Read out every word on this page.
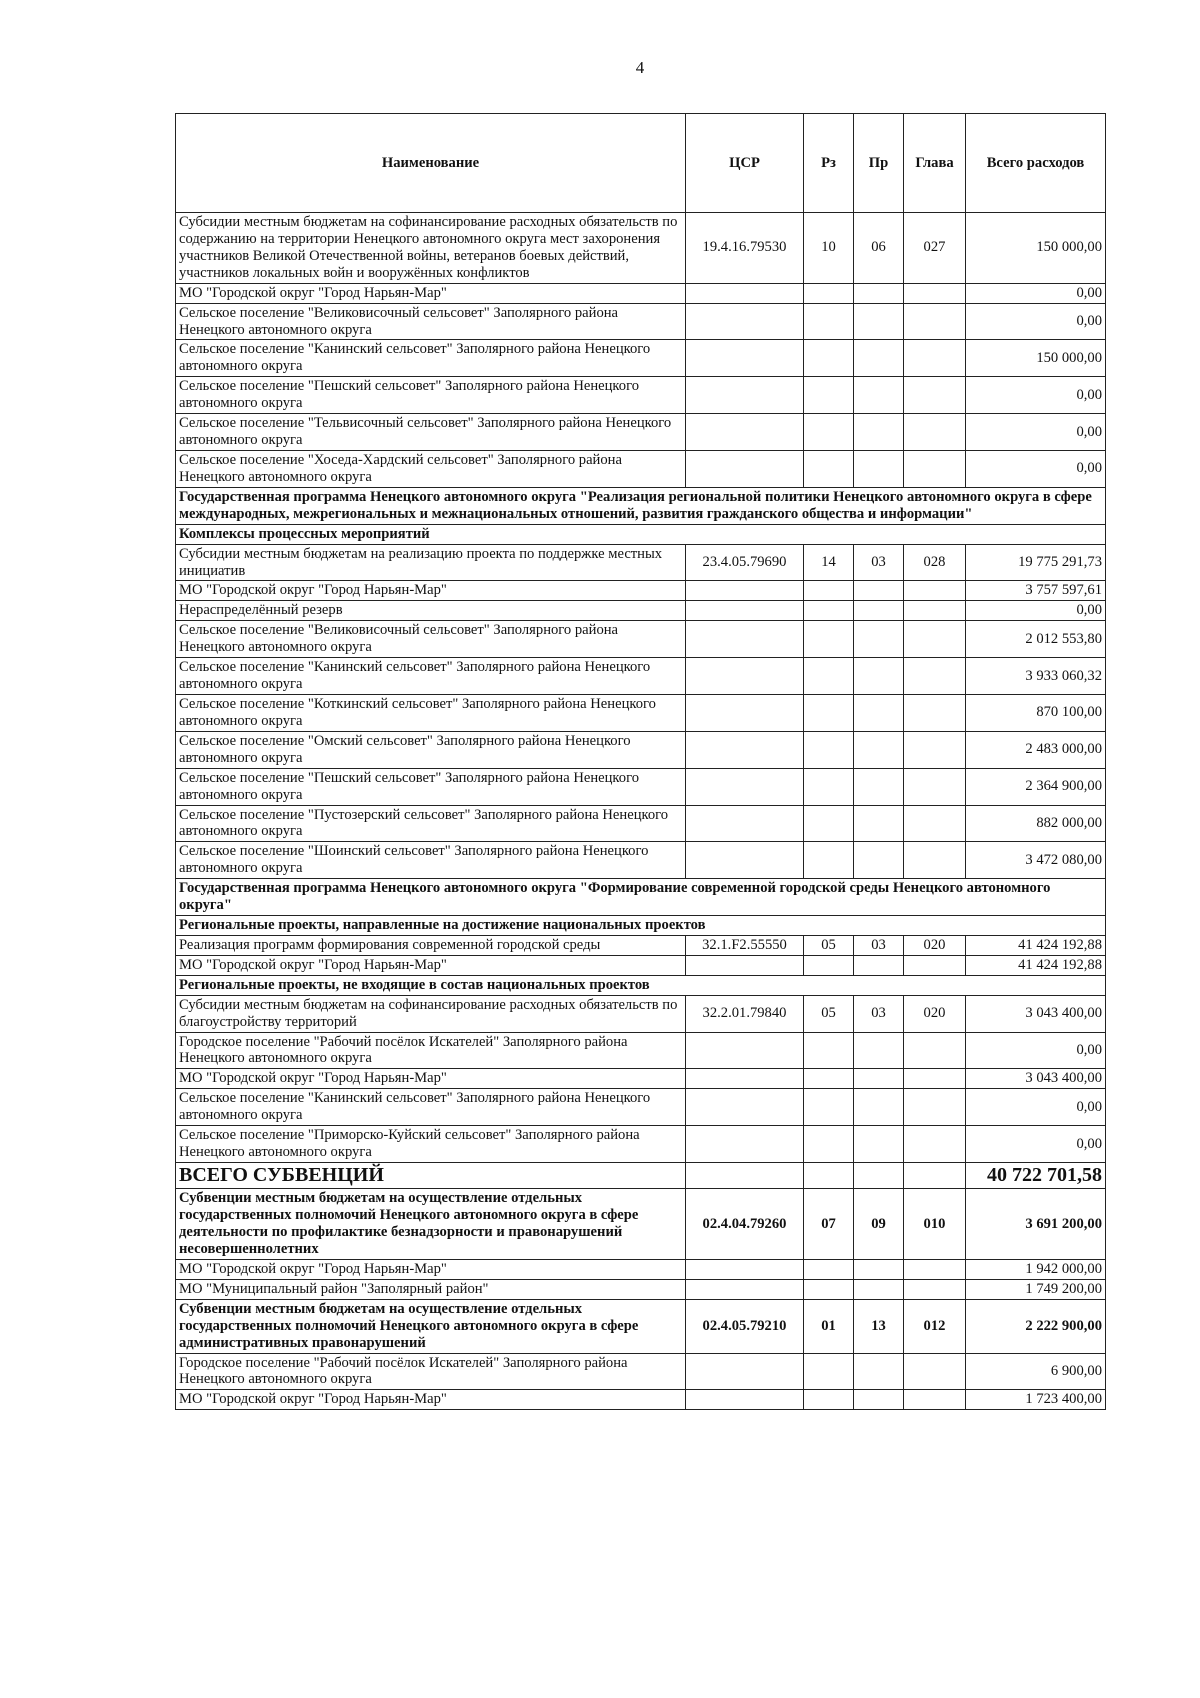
4
Наименование	ЦСР	Рз	Пр	Глава	Всего расходов
Субсидии местным бюджетам на софинансирование расходных обязательств по содержанию на территории Ненецкого автономного округа мест захоронения участников Великой Отечественной войны, ветеранов боевых действий, участников локальных войн и вооружённых конфликтов	19.4.16.79530	10	06	027	150 000,00
МО "Городской округ "Город Нарьян-Мар"					0,00
Сельское поселение "Великовисочный сельсовет" Заполярного района Ненецкого автономного округа					0,00
Сельское поселение "Канинский сельсовет" Заполярного района Ненецкого автономного округа					150 000,00
Сельское поселение "Пешский сельсовет" Заполярного района Ненецкого автономного округа					0,00
Сельское поселение "Тельвисочный сельсовет" Заполярного района Ненецкого автономного округа					0,00
Сельское поселение "Хоседа-Хардский сельсовет" Заполярного района Ненецкого автономного округа					0,00
Государственная программа Ненецкого автономного округа "Реализация региональной политики Ненецкого автономного округа в сфере международных, межрегиональных и межнациональных отношений, развития гражданского общества и информации"					
Комплексы процессных мероприятий					
Субсидии местным бюджетам на реализацию проекта по поддержке местных инициатив	23.4.05.79690	14	03	028	19 775 291,73
МО "Городской округ "Город Нарьян-Мар"					3 757 597,61
Нераспределённый резерв					0,00
Сельское поселение "Великовисочный сельсовет" Заполярного района Ненецкого автономного округа					2 012 553,80
Сельское поселение "Канинский сельсовет" Заполярного района Ненецкого автономного округа					3 933 060,32
Сельское поселение "Коткинский сельсовет" Заполярного района Ненецкого автономного округа					870 100,00
Сельское поселение "Омский сельсовет" Заполярного района Ненецкого автономного округа					2 483 000,00
Сельское поселение "Пешский сельсовет" Заполярного района Ненецкого автономного округа					2 364 900,00
Сельское поселение "Пустозерский сельсовет" Заполярного района Ненецкого автономного округа					882 000,00
Сельское поселение "Шоинский сельсовет" Заполярного района Ненецкого автономного округа					3 472 080,00
Государственная программа Ненецкого автономного округа "Формирование современной городской среды Ненецкого автономного округа"					
Региональные проекты, направленные на достижение национальных проектов					
Реализация программ формирования современной городской среды	32.1.F2.55550	05	03	020	41 424 192,88
МО "Городской округ "Город Нарьян-Мар"					41 424 192,88
Региональные проекты, не входящие в состав национальных проектов					
Субсидии местным бюджетам на софинансирование расходных обязательств по благоустройству территорий	32.2.01.79840	05	03	020	3 043 400,00
Городское поселение "Рабочий посёлок Искателей" Заполярного района Ненецкого автономного округа					0,00
МО "Городской округ "Город Нарьян-Мар"					3 043 400,00
Сельское поселение "Канинский сельсовет" Заполярного района Ненецкого автономного округа					0,00
Сельское поселение "Приморско-Куйский сельсовет" Заполярного района Ненецкого автономного округа					0,00
ВСЕГО СУБВЕНЦИЙ					40 722 701,58
Субвенции местным бюджетам на осуществление отдельных государственных полномочий Ненецкого автономного округа в сфере деятельности по профилактике безнадзорности и правонарушений несовершеннолетних	02.4.04.79260	07	09	010	3 691 200,00
МО "Городской округ "Город Нарьян-Мар"					1 942 000,00
МО "Муниципальный район "Заполярный район"					1 749 200,00
Субвенции местным бюджетам на осуществление отдельных государственных полномочий Ненецкого автономного округа в сфере административных правонарушений	02.4.05.79210	01	13	012	2 222 900,00
Городское поселение "Рабочий посёлок Искателей" Заполярного района Ненецкого автономного округа					6 900,00
МО "Городской округ "Город Нарьян-Мар"					1 723 400,00
